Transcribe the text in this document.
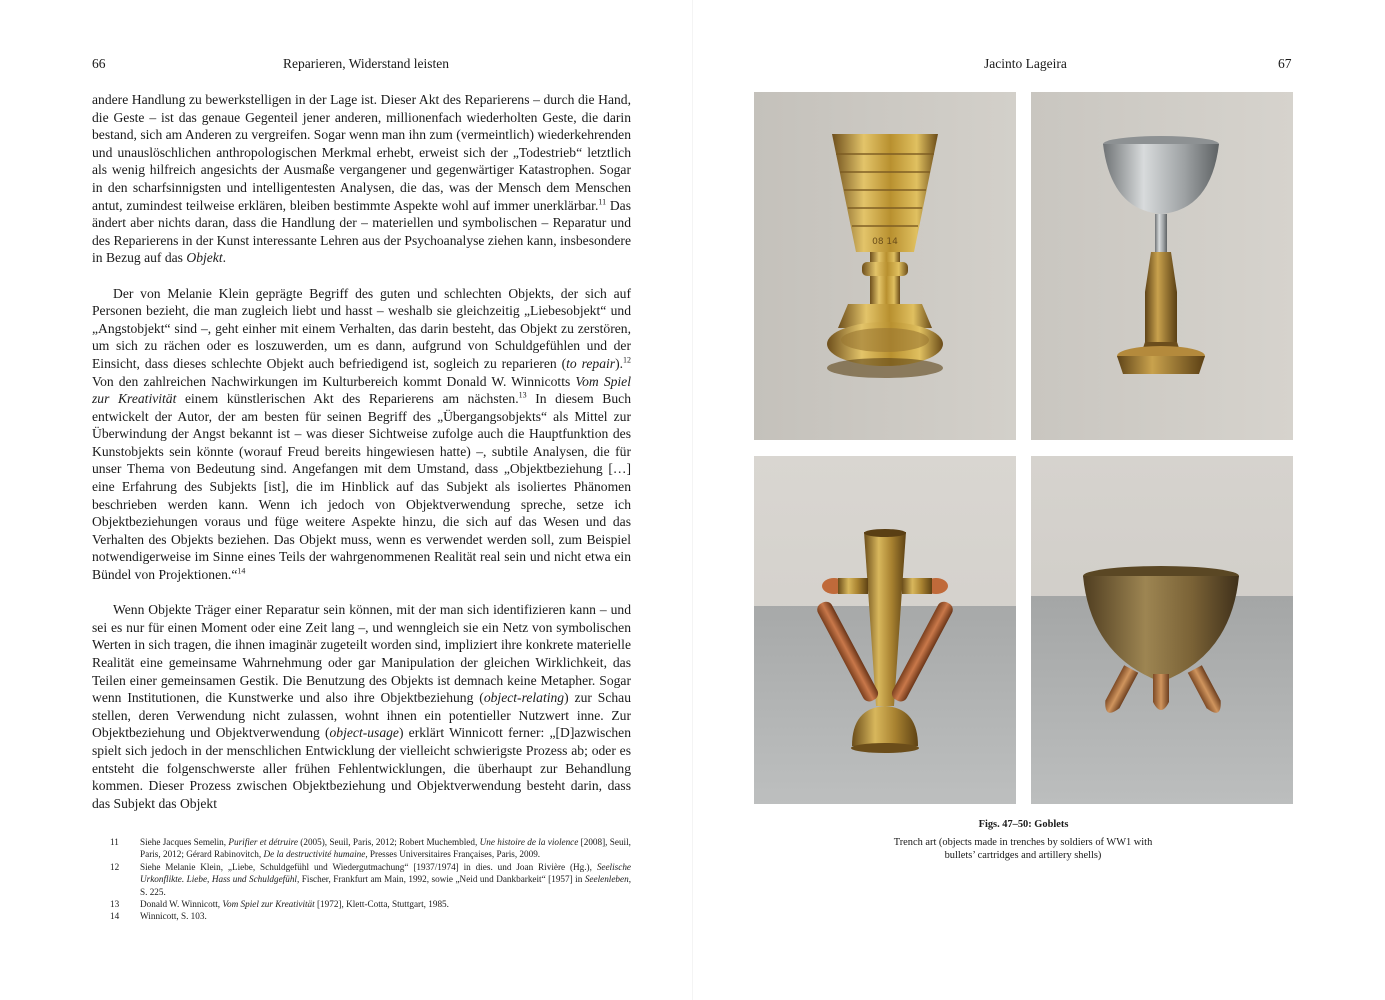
66	Reparieren, Widerstand leisten

andere Handlung zu bewerkstelligen in der Lage ist. Dieser Akt des Reparierens – durch die Hand, die Geste – ist das genaue Gegenteil jener anderen, millionenfach wiederholten Geste, die darin bestand, sich am Anderen zu vergreifen. Sogar wenn man ihn zum (vermeintlich) wiederkehrenden und unauslöschlichen anthropologischen Merkmal erhebt, erweist sich der „Todestrieb“ letztlich als wenig hilfreich angesichts der Ausmaße vergangener und gegenwärtiger Katastrophen. Sogar in den scharfsinnigsten und intelligentesten Analysen, die das, was der Mensch dem Menschen antut, zumindest teilweise erklären, bleiben bestimmte Aspekte wohl auf immer unerklärbar.$^{11}$ Das ändert aber nichts daran, dass die Handlung der – materiellen und symbolischen – Reparatur und des Reparierens in der Kunst interessante Lehren aus der Psychoanalyse ziehen kann, insbesondere in Bezug auf das Objekt.

Der von Melanie Klein geprägte Begriff des guten und schlechten Objekts, der sich auf Personen bezieht, die man zugleich liebt und hasst – weshalb sie gleichzeitig „Liebesobjekt“ und „Angstobjekt“ sind –, geht einher mit einem Verhalten, das darin besteht, das Objekt zu zerstören, um sich zu rächen oder es loszuwerden, um es dann, aufgrund von Schuldgefühlen und der Einsicht, dass dieses schlechte Objekt auch befriedigend ist, sogleich zu reparieren (to repair).$^{12}$ Von den zahlreichen Nachwirkungen im Kulturbereich kommt Donald W. Winnicotts Vom Spiel zur Kreativität einem künstlerischen Akt des Reparierens am nächsten.$^{13}$ In diesem Buch entwickelt der Autor, der am besten für seinen Begriff des „Übergangsobjekts“ als Mittel zur Überwindung der Angst bekannt ist – was dieser Sichtweise zufolge auch die Hauptfunktion des Kunstobjekts sein könnte (worauf Freud bereits hingewiesen hatte) –, subtile Analysen, die für unser Thema von Bedeutung sind. Angefangen mit dem Umstand, dass „Objektbeziehung […] eine Erfahrung des Subjekts [ist], die im Hinblick auf das Subjekt als isoliertes Phänomen beschrieben werden kann. Wenn ich jedoch von Objektverwendung spreche, setze ich Objektbeziehungen voraus und füge weitere Aspekte hinzu, die sich auf das Wesen und das Verhalten des Objekts beziehen. Das Objekt muss, wenn es verwendet werden soll, zum Beispiel notwendigerweise im Sinne eines Teils der wahrgenommenen Realität real sein und nicht etwa ein Bündel von Projektionen.“$^{14}$

Wenn Objekte Träger einer Reparatur sein können, mit der man sich identifizieren kann – und sei es nur für einen Moment oder eine Zeit lang –, und wenngleich sie ein Netz von symbolischen Werten in sich tragen, die ihnen imaginär zugeteilt worden sind, impliziert ihre konkrete materielle Realität eine gemeinsame Wahrnehmung oder gar Manipulation der gleichen Wirklichkeit, das Teilen einer gemeinsamen Gestik. Die Benutzung des Objekts ist demnach keine Metapher. Sogar wenn Institutionen, die Kunstwerke und also ihre Objektbeziehung (object-relating) zur Schau stellen, deren Verwendung nicht zulassen, wohnt ihnen ein potentieller Nutzwert inne. Zur Objektbeziehung und Objektverwendung (object-usage) erklärt Winnicott ferner: „[D]azwischen spielt sich jedoch in der menschlichen Entwicklung der vielleicht schwierigste Prozess ab; oder es entsteht die folgenschwerste aller frühen Fehlentwicklungen, die überhaupt zur Behandlung kommen. Dieser Prozess zwischen Objektbeziehung und Objektverwendung besteht darin, dass das Subjekt das Objekt

11	Siehe Jacques Semelin, Purifier et détruire (2005), Seuil, Paris, 2012; Robert Muchembled, Une histoire de la violence [2008], Seuil, Paris, 2012; Gérard Rabinovitch, De la destructivité humaine, Presses Universitaires Françaises, Paris, 2009.
12	Siehe Melanie Klein, „Liebe, Schuldgefühl und Wiedergutmachung“ [1937/1974] in dies. und Joan Rivière (Hg.), Seelische Urkonflikte. Liebe, Hass und Schuldgefühl, Fischer, Frankfurt am Main, 1992, sowie „Neid und Dankbarkeit“ [1957] in Seelenleben, S. 225.
13	Donald W. Winnicott, Vom Spiel zur Kreativität [1972], Klett-Cotta, Stuttgart, 1985.
14	Winnicott, S. 103.
Jacinto Lageira	67
08 14
Figs. 47–50: Goblets
Trench art (objects made in trenches by soldiers of WW1 with bullets’ cartridges and artillery shells)
